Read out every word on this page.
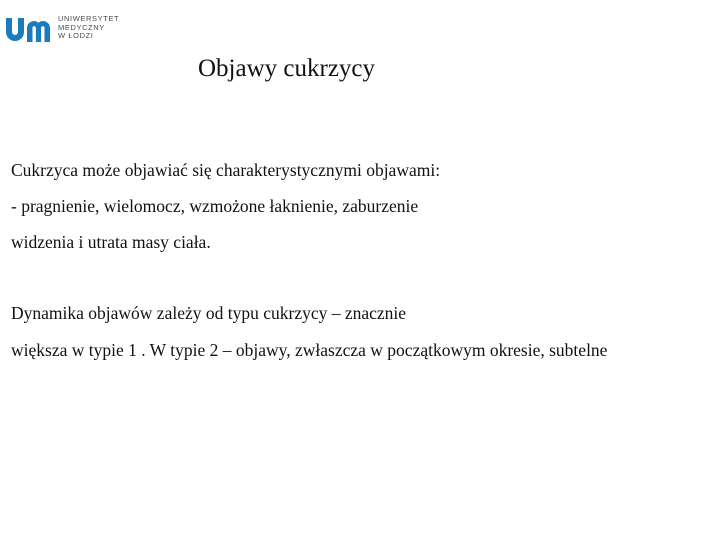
UNIWERSYTET
MEDYCZNY
W ŁODZI
Objawy cukrzycy
Cukrzyca może objawiać się charakterystycznymi objawami:
- pragnienie, wielomocz, wzmożone łaknienie, zaburzenie
widzenia i utrata masy ciała.
Dynamika objawów zależy od typu cukrzycy – znacznie
większa w typie 1 . W typie 2 – objawy, zwłaszcza w początkowym okresie, subtelne
